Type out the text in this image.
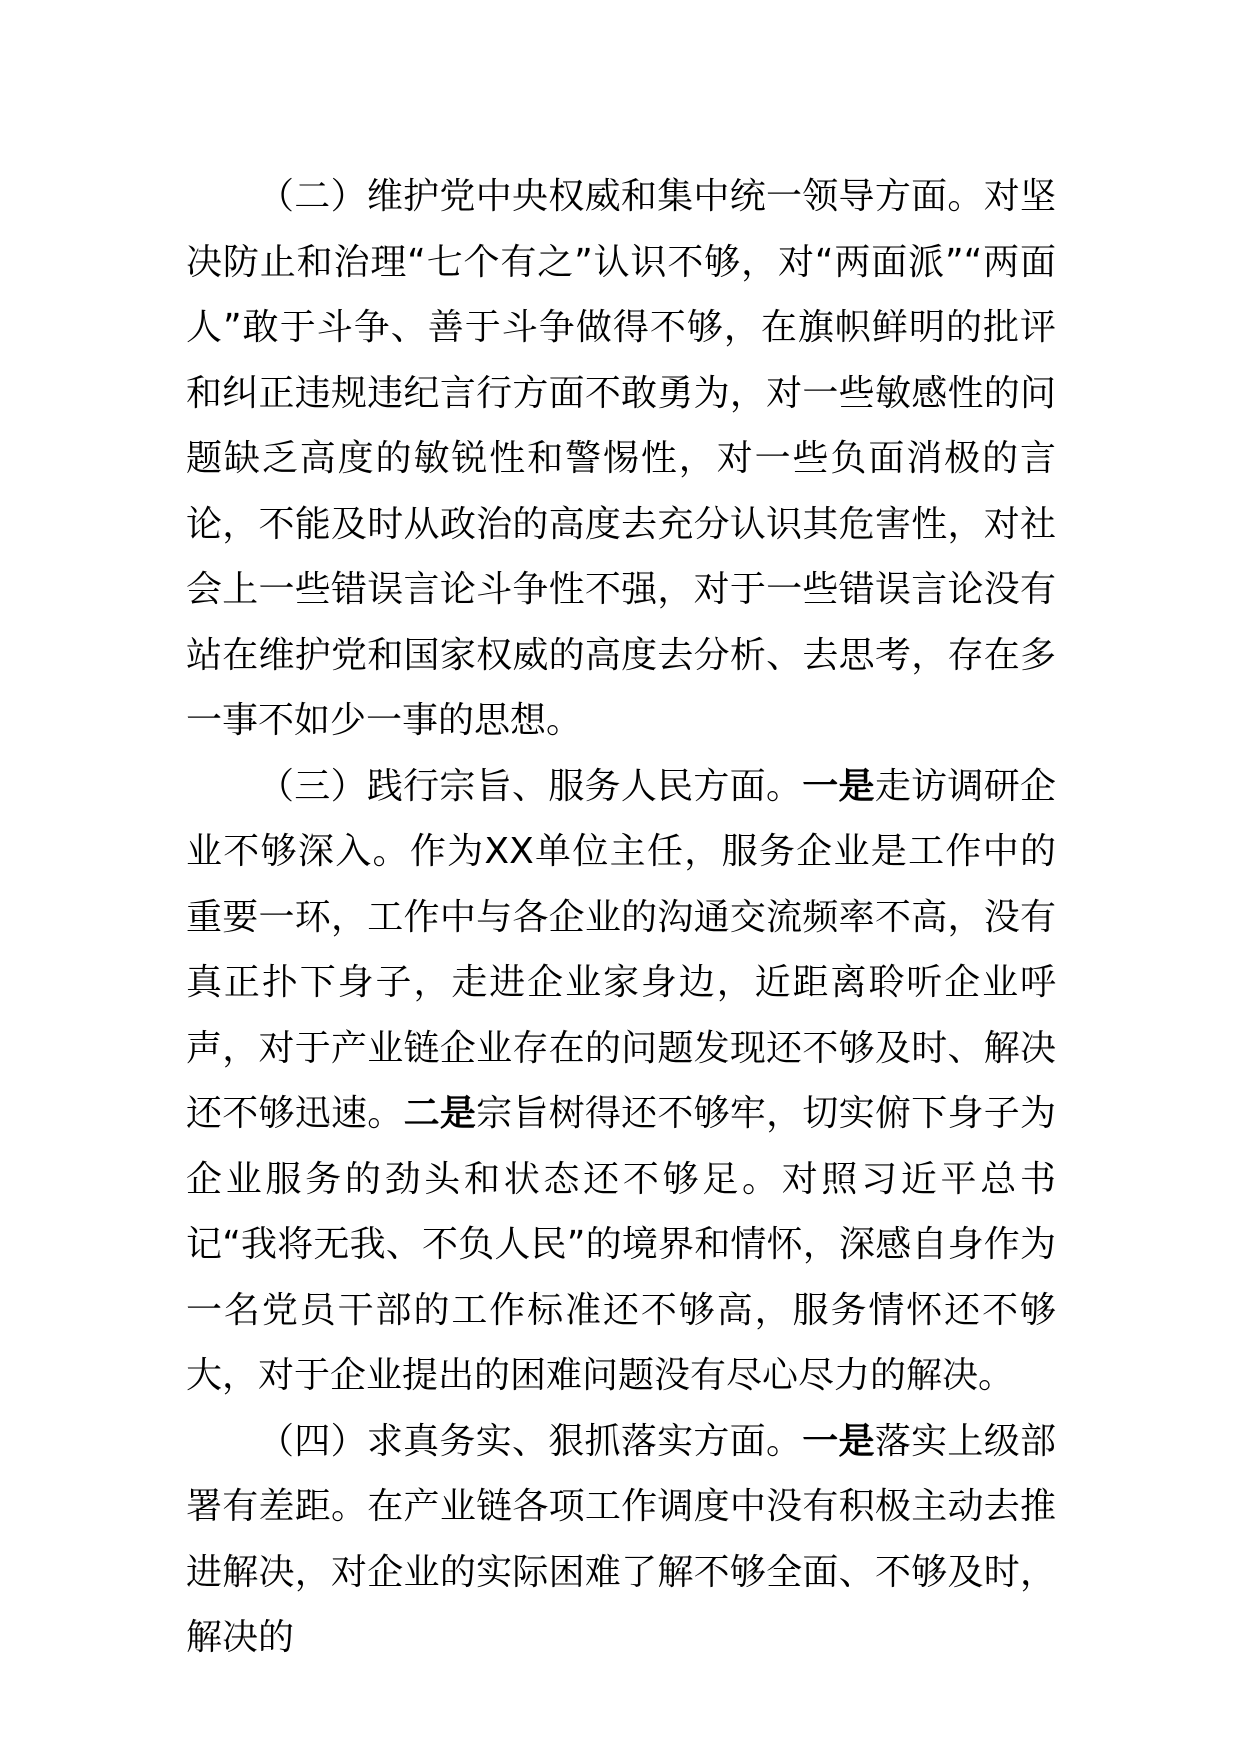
（二）维护党中央权威和集中统一领导方面。对坚决防止和治理“七个有之”认识不够，对“两面派”“两面人”敢于斗争、善于斗争做得不够，在旗帜鲜明的批评和纠正违规违纪言行方面不敢勇为，对一些敏感性的问题缺乏高度的敏锐性和警惕性，对一些负面消极的言论，不能及时从政治的高度去充分认识其危害性，对社会上一些错误言论斗争性不强，对于一些错误言论没有站在维护党和国家权威的高度去分析、去思考，存在多一事不如少一事的思想。

（三）践行宗旨、服务人民方面。一是走访调研企业不够深入。作为XX单位主任，服务企业是工作中的重要一环，工作中与各企业的沟通交流频率不高，没有真正扑下身子，走进企业家身边，近距离聆听企业呼声，对于产业链企业存在的问题发现还不够及时、解决还不够迅速。二是宗旨树得还不够牢，切实俯下身子为企业服务的劲头和状态还不够足。对照习近平总书记“我将无我、不负人民”的境界和情怀，深感自身作为一名党员干部的工作标准还不够高，服务情怀还不够大，对于企业提出的困难问题没有尽心尽力的解决。

（四）求真务实、狠抓落实方面。一是落实上级部署有差距。在产业链各项工作调度中没有积极主动去推进解决，对企业的实际困难了解不够全面、不够及时，解决的
